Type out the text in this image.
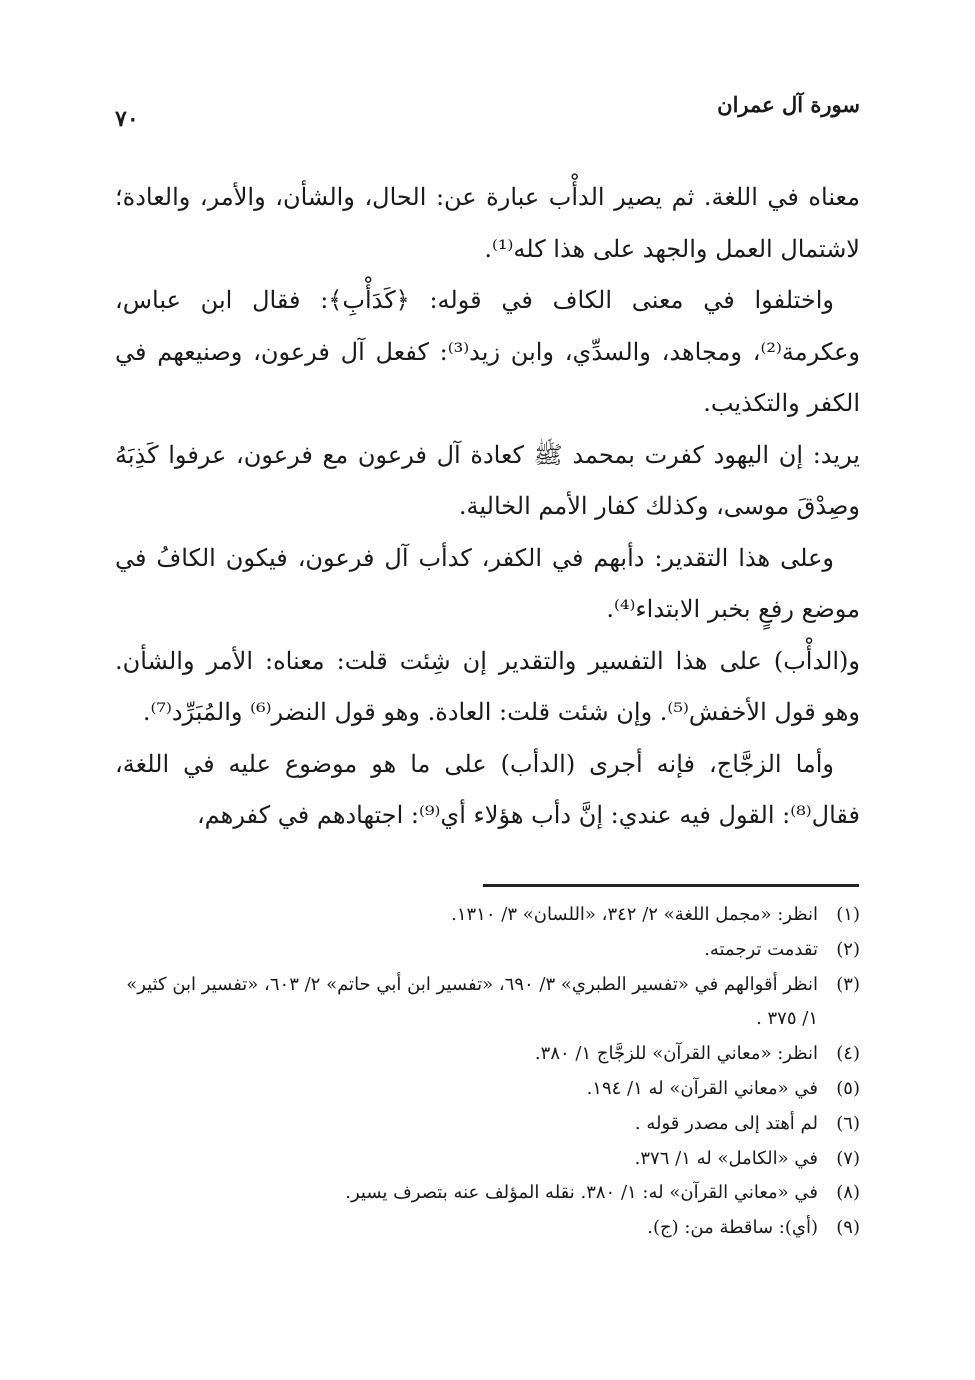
سورة آل عمران
٧٠

معناه في اللغة. ثم يصير الدأْب عبارة عن: الحال، والشأن، والأمر، والعادة؛ لاشتمال العمل والجهد على هذا كله⁽¹⁾.

واختلفوا في معنى الكاف في قوله: ﴿كَدَأْبِ﴾: فقال ابن عباس، وعكرمة⁽²⁾، ومجاهد، والسدِّي، وابن زيد⁽³⁾: كفعل آل فرعون، وصنيعهم في الكفر والتكذيب.

يريد: إن اليهود كفرت بمحمد ﷺ كعادة آل فرعون مع فرعون، عرفوا كَذِبَهُ وصِدْقَ موسى، وكذلك كفار الأمم الخالية.

وعلى هذا التقدير: دأبهم في الكفر، كدأب آل فرعون، فيكون الكافُ في موضع رفعٍ بخبر الابتداء⁽⁴⁾.

و(الدأْب) على هذا التفسير والتقدير إن شِئت قلت: معناه: الأمر والشأن. وهو قول الأخفش⁽⁵⁾. وإن شئت قلت: العادة. وهو قول النضر⁽⁶⁾ والمُبَرِّد⁽⁷⁾.

وأما الزجَّاج، فإنه أجرى (الدأب) على ما هو موضوع عليه في اللغة، فقال⁽⁸⁾: القول فيه عندي: إنَّ دأب هؤلاء أي⁽⁹⁾: اجتهادهم في كفرهم،

(١)
انظر: «مجمل اللغة» ٢/ ٣٤٢، «اللسان» ٣/ ١٣١٠.
(٢)
تقدمت ترجمته.
(٣)
انظر أقوالهم في «تفسير الطبري» ٣/ ٦٩٠، «تفسير ابن أبي حاتم» ٢/ ٦٠٣، «تفسير ابن كثير» ١/ ٣٧٥ .
(٤)
انظر: «معاني القرآن» للزجَّاج ١/ ٣٨٠.
(٥)
في «معاني القرآن» له ١/ ١٩٤.
(٦)
لم أهتد إلى مصدر قوله .
(٧)
في «الكامل» له ١/ ٣٧٦.
(٨)
في «معاني القرآن» له: ١/ ٣٨٠. نقله المؤلف عنه بتصرف يسير.
(٩)
(أي): ساقطة من: (ج).
